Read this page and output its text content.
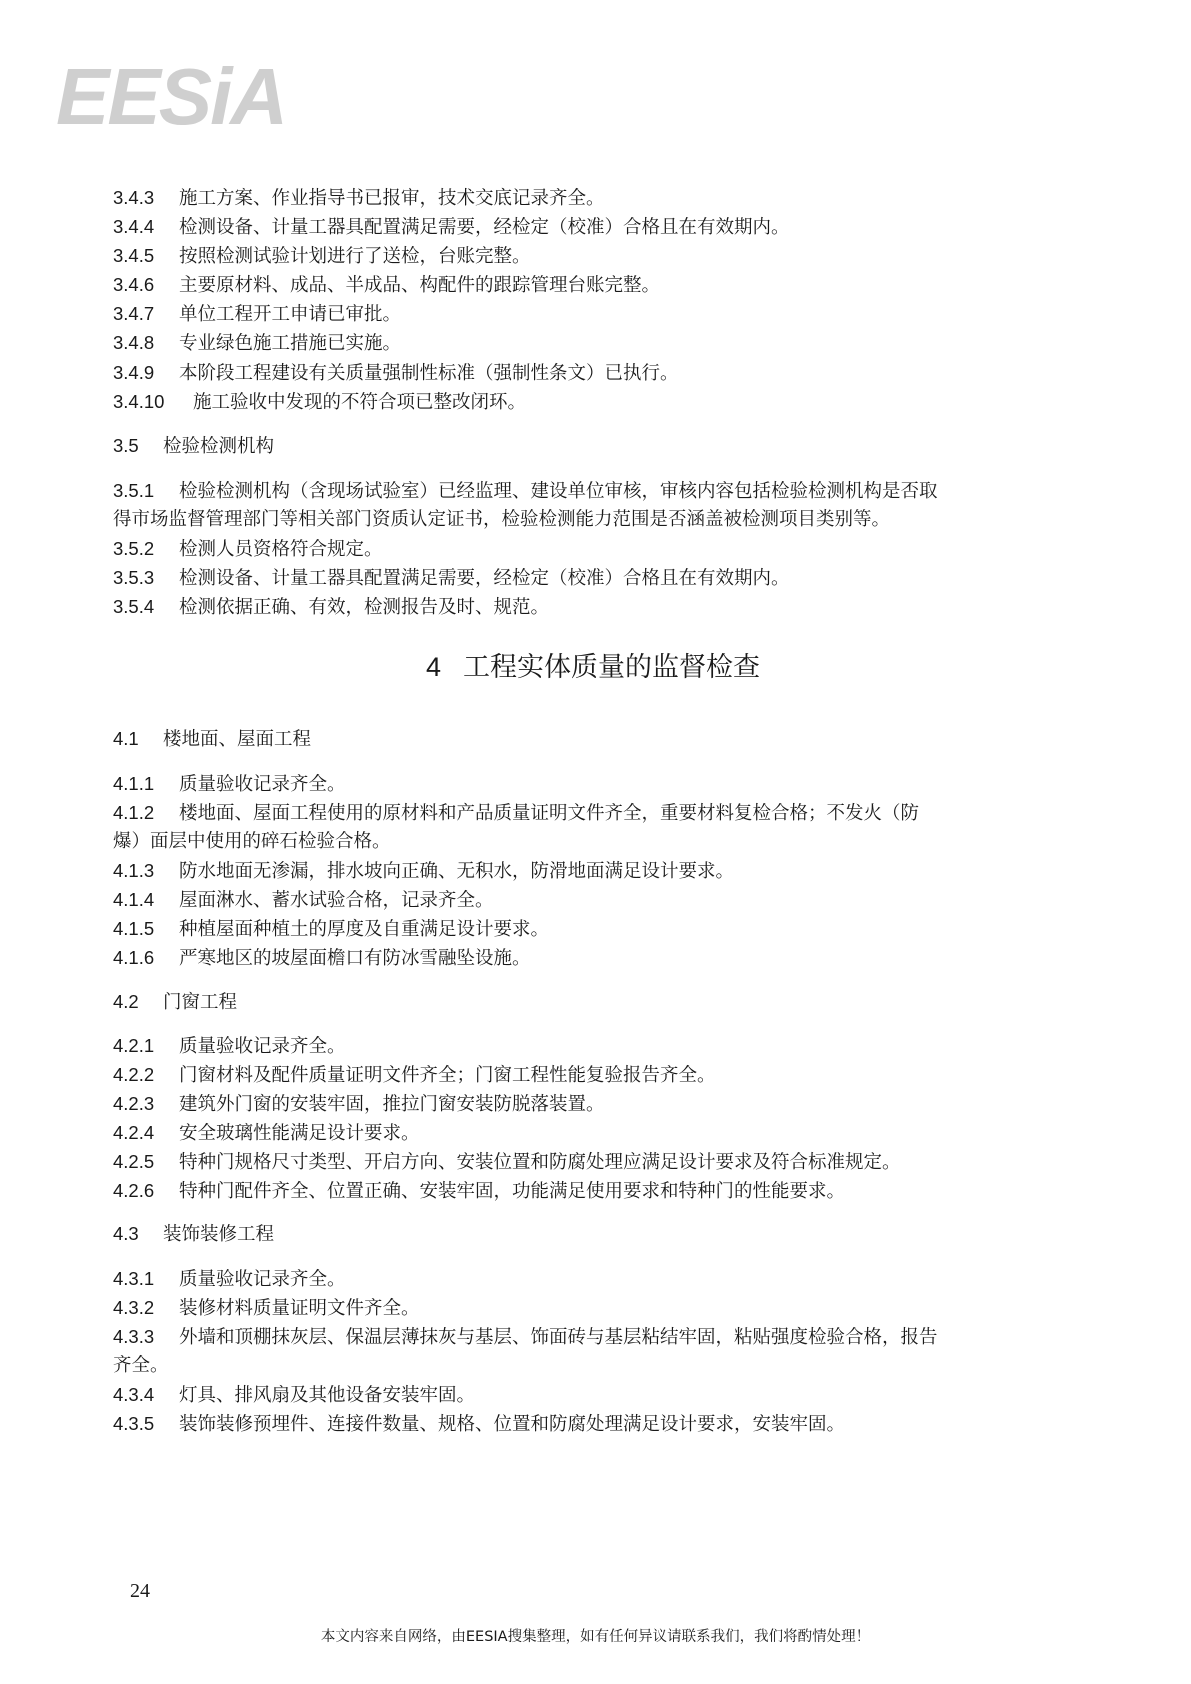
EESiA
3.4.3 施工方案、作业指导书已报审，技术交底记录齐全。
3.4.4 检测设备、计量工器具配置满足需要，经检定（校准）合格且在有效期内。
3.4.5 按照检测试验计划进行了送检，台账完整。
3.4.6 主要原材料、成品、半成品、构配件的跟踪管理台账完整。
3.4.7 单位工程开工申请已审批。
3.4.8 专业绿色施工措施已实施。
3.4.9 本阶段工程建设有关质量强制性标准（强制性条文）已执行。
3.4.10 施工验收中发现的不符合项已整改闭环。
3.5 检验检测机构
3.5.1 检验检测机构（含现场试验室）已经监理、建设单位审核，审核内容包括检验检测机构是否取
得市场监督管理部门等相关部门资质认定证书，检验检测能力范围是否涵盖被检测项目类别等。
3.5.2 检测人员资格符合规定。
3.5.3 检测设备、计量工器具配置满足需要，经检定（校准）合格且在有效期内。
3.5.4 检测依据正确、有效，检测报告及时、规范。
4 工程实体质量的监督检查
4.1 楼地面、屋面工程
4.1.1 质量验收记录齐全。
4.1.2 楼地面、屋面工程使用的原材料和产品质量证明文件齐全，重要材料复检合格；不发火（防
爆）面层中使用的碎石检验合格。
4.1.3 防水地面无渗漏，排水坡向正确、无积水，防滑地面满足设计要求。
4.1.4 屋面淋水、蓄水试验合格，记录齐全。
4.1.5 种植屋面种植土的厚度及自重满足设计要求。
4.1.6 严寒地区的坡屋面檐口有防冰雪融坠设施。
4.2 门窗工程
4.2.1 质量验收记录齐全。
4.2.2 门窗材料及配件质量证明文件齐全；门窗工程性能复验报告齐全。
4.2.3 建筑外门窗的安装牢固，推拉门窗安装防脱落装置。
4.2.4 安全玻璃性能满足设计要求。
4.2.5 特种门规格尺寸类型、开启方向、安装位置和防腐处理应满足设计要求及符合标准规定。
4.2.6 特种门配件齐全、位置正确、安装牢固，功能满足使用要求和特种门的性能要求。
4.3 装饰装修工程
4.3.1 质量验收记录齐全。
4.3.2 装修材料质量证明文件齐全。
4.3.3 外墙和顶棚抹灰层、保温层薄抹灰与基层、饰面砖与基层粘结牢固，粘贴强度检验合格，报告
齐全。
4.3.4 灯具、排风扇及其他设备安装牢固。
4.3.5 装饰装修预埋件、连接件数量、规格、位置和防腐处理满足设计要求，安装牢固。
24
本文内容来自网络，由EESIA搜集整理，如有任何异议请联系我们，我们将酌情处理！
